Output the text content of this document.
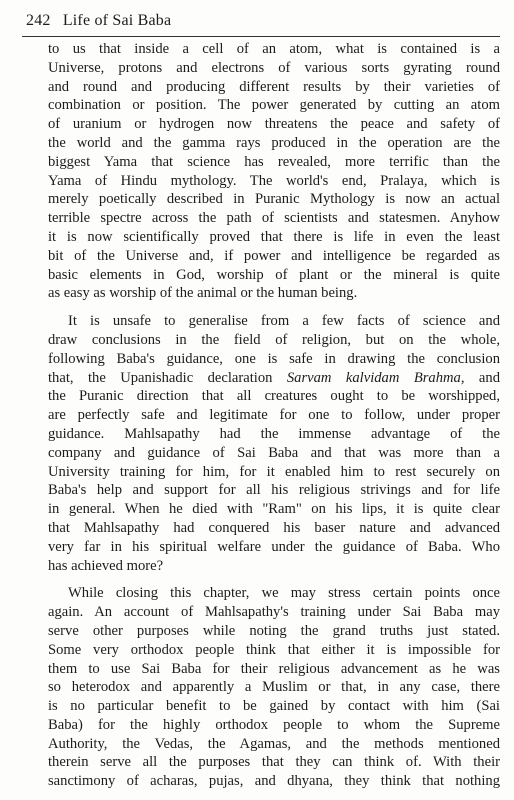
242 Life of Sai Baba
to us that inside a cell of an atom, what is contained is a
Universe, protons and electrons of various sorts gyrating round
and round and producing different results by their varieties of
combination or position. The power generated by cutting an atom
of uranium or hydrogen now threatens the peace and safety of
the world and the gamma rays produced in the operation are the
biggest Yama that science has revealed, more terrific than the
Yama of Hindu mythology. The world's end, Pralaya, which is
merely poetically described in Puranic Mythology is now an actual
terrible spectre across the path of scientists and statesmen. Anyhow
it is now scientifically proved that there is life in even the least
bit of the Universe and, if power and intelligence be regarded as
basic elements in God, worship of plant or the mineral is quite
as easy as worship of the animal or the human being.
It is unsafe to generalise from a few facts of science and
draw conclusions in the field of religion, but on the whole,
following Baba's guidance, one is safe in drawing the conclusion
that, the Upanishadic declaration Sarvam kalvidam Brahma, and
the Puranic direction that all creatures ought to be worshipped,
are perfectly safe and legitimate for one to follow, under proper
guidance. Mahlsapathy had the immense advantage of the
company and guidance of Sai Baba and that was more than a
University training for him, for it enabled him to rest securely on
Baba's help and support for all his religious strivings and for life
in general. When he died with "Ram" on his lips, it is quite clear
that Mahlsapathy had conquered his baser nature and advanced
very far in his spiritual welfare under the guidance of Baba. Who
has achieved more?
While closing this chapter, we may stress certain points once
again. An account of Mahlsapathy's training under Sai Baba may
serve other purposes while noting the grand truths just stated.
Some very orthodox people think that either it is impossible for
them to use Sai Baba for their religious advancement as he was
so heterodox and apparently a Muslim or that, in any case, there
is no particular benefit to be gained by contact with him (Sai
Baba) for the highly orthodox people to whom the Supreme
Authority, the Vedas, the Agamas, and the methods mentioned
therein serve all the purposes that they can think of. With their
sanctimony of acharas, pujas, and dhyana, they think that nothing
